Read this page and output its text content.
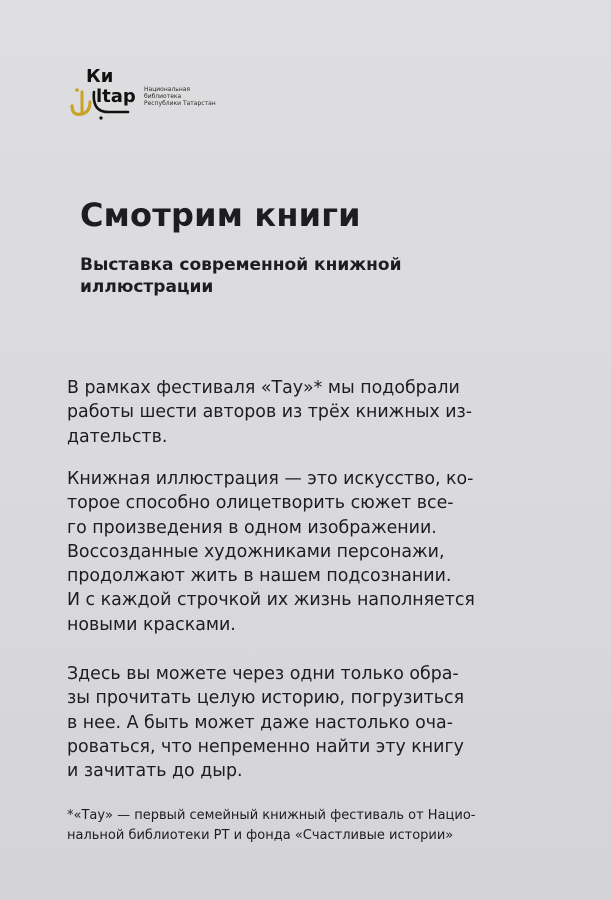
Ки
ltap Национальная
библиотека
Республики Татарстан
Смотрим книги
Выставка современной книжной иллюстрации

В рамках фестиваля «Тау»* мы подобрали
работы шести авторов из трёх книжных из-
дательств.

Книжная иллюстрация — это искусство, ко-
торое способно олицетворить сюжет все-
го произведения в одном изображении.
Воссозданные художниками персонажи,
продолжают жить в нашем подсознании.
И с каждой строчкой их жизнь наполняется
новыми красками.

Здесь вы можете через одни только обра-
зы прочитать целую историю, погрузиться
в нее. А быть может даже настолько оча-
роваться, что непременно найти эту книгу
и зачитать до дыр.

*«Тау» — первый семейный книжный фестиваль от Нацио-
нальной библиотеки РТ и фонда «Счастливые истории»
